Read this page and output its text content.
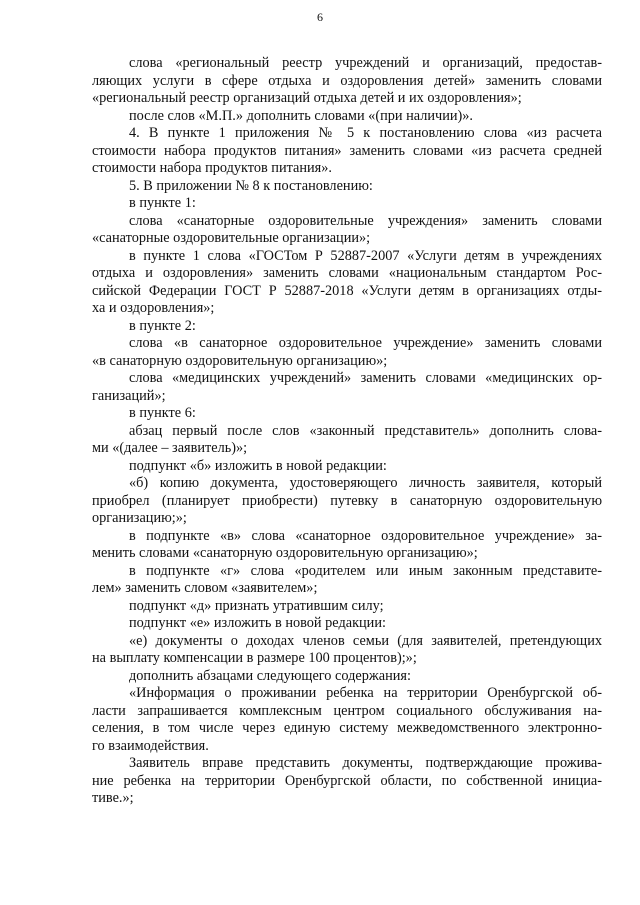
6
слова «региональный реестр учреждений и организаций, предостав-
ляющих услуги в сфере отдыха и оздоровления детей» заменить словами
«региональный реестр организаций отдыха детей и их оздоровления»;
после слов «М.П.» дополнить словами «(при наличии)».
4. В пункте 1 приложения № 5 к постановлению слова «из расчета
стоимости набора продуктов питания» заменить словами «из расчета средней
стоимости набора продуктов питания».
5. В приложении № 8 к постановлению:
в пункте 1:
слова «санаторные оздоровительные учреждения» заменить словами
«санаторные оздоровительные организации»;
в пункте 1 слова «ГОСТом Р 52887-2007 «Услуги детям в учреждениях
отдыха и оздоровления» заменить словами «национальным стандартом Рос-
сийской Федерации ГОСТ Р 52887-2018 «Услуги детям в организациях отды-
ха и оздоровления»;
в пункте 2:
слова «в санаторное оздоровительное учреждение» заменить словами
«в санаторную оздоровительную организацию»;
слова «медицинских учреждений» заменить словами «медицинских ор-
ганизаций»;
в пункте 6:
абзац первый после слов «законный представитель» дополнить слова-
ми «(далее – заявитель)»;
подпункт «б» изложить в новой редакции:
«б) копию документа, удостоверяющего личность заявителя, который
приобрел (планирует приобрести) путевку в санаторную оздоровительную
организацию;»;
в подпункте «в» слова «санаторное оздоровительное учреждение» за-
менить словами «санаторную оздоровительную организацию»;
в подпункте «г» слова «родителем или иным законным представите-
лем» заменить словом «заявителем»;
подпункт «д» признать утратившим силу;
подпункт «е» изложить в новой редакции:
«е) документы о доходах членов семьи (для заявителей, претендующих
на выплату компенсации в размере 100 процентов);»;
дополнить абзацами следующего содержания:
«Информация о проживании ребенка на территории Оренбургской об-
ласти запрашивается комплексным центром социального обслуживания на-
селения, в том числе через единую систему межведомственного электронно-
го взаимодействия.
Заявитель вправе представить документы, подтверждающие прожива-
ние ребенка на территории Оренбургской области, по собственной инициа-
тиве.»;
